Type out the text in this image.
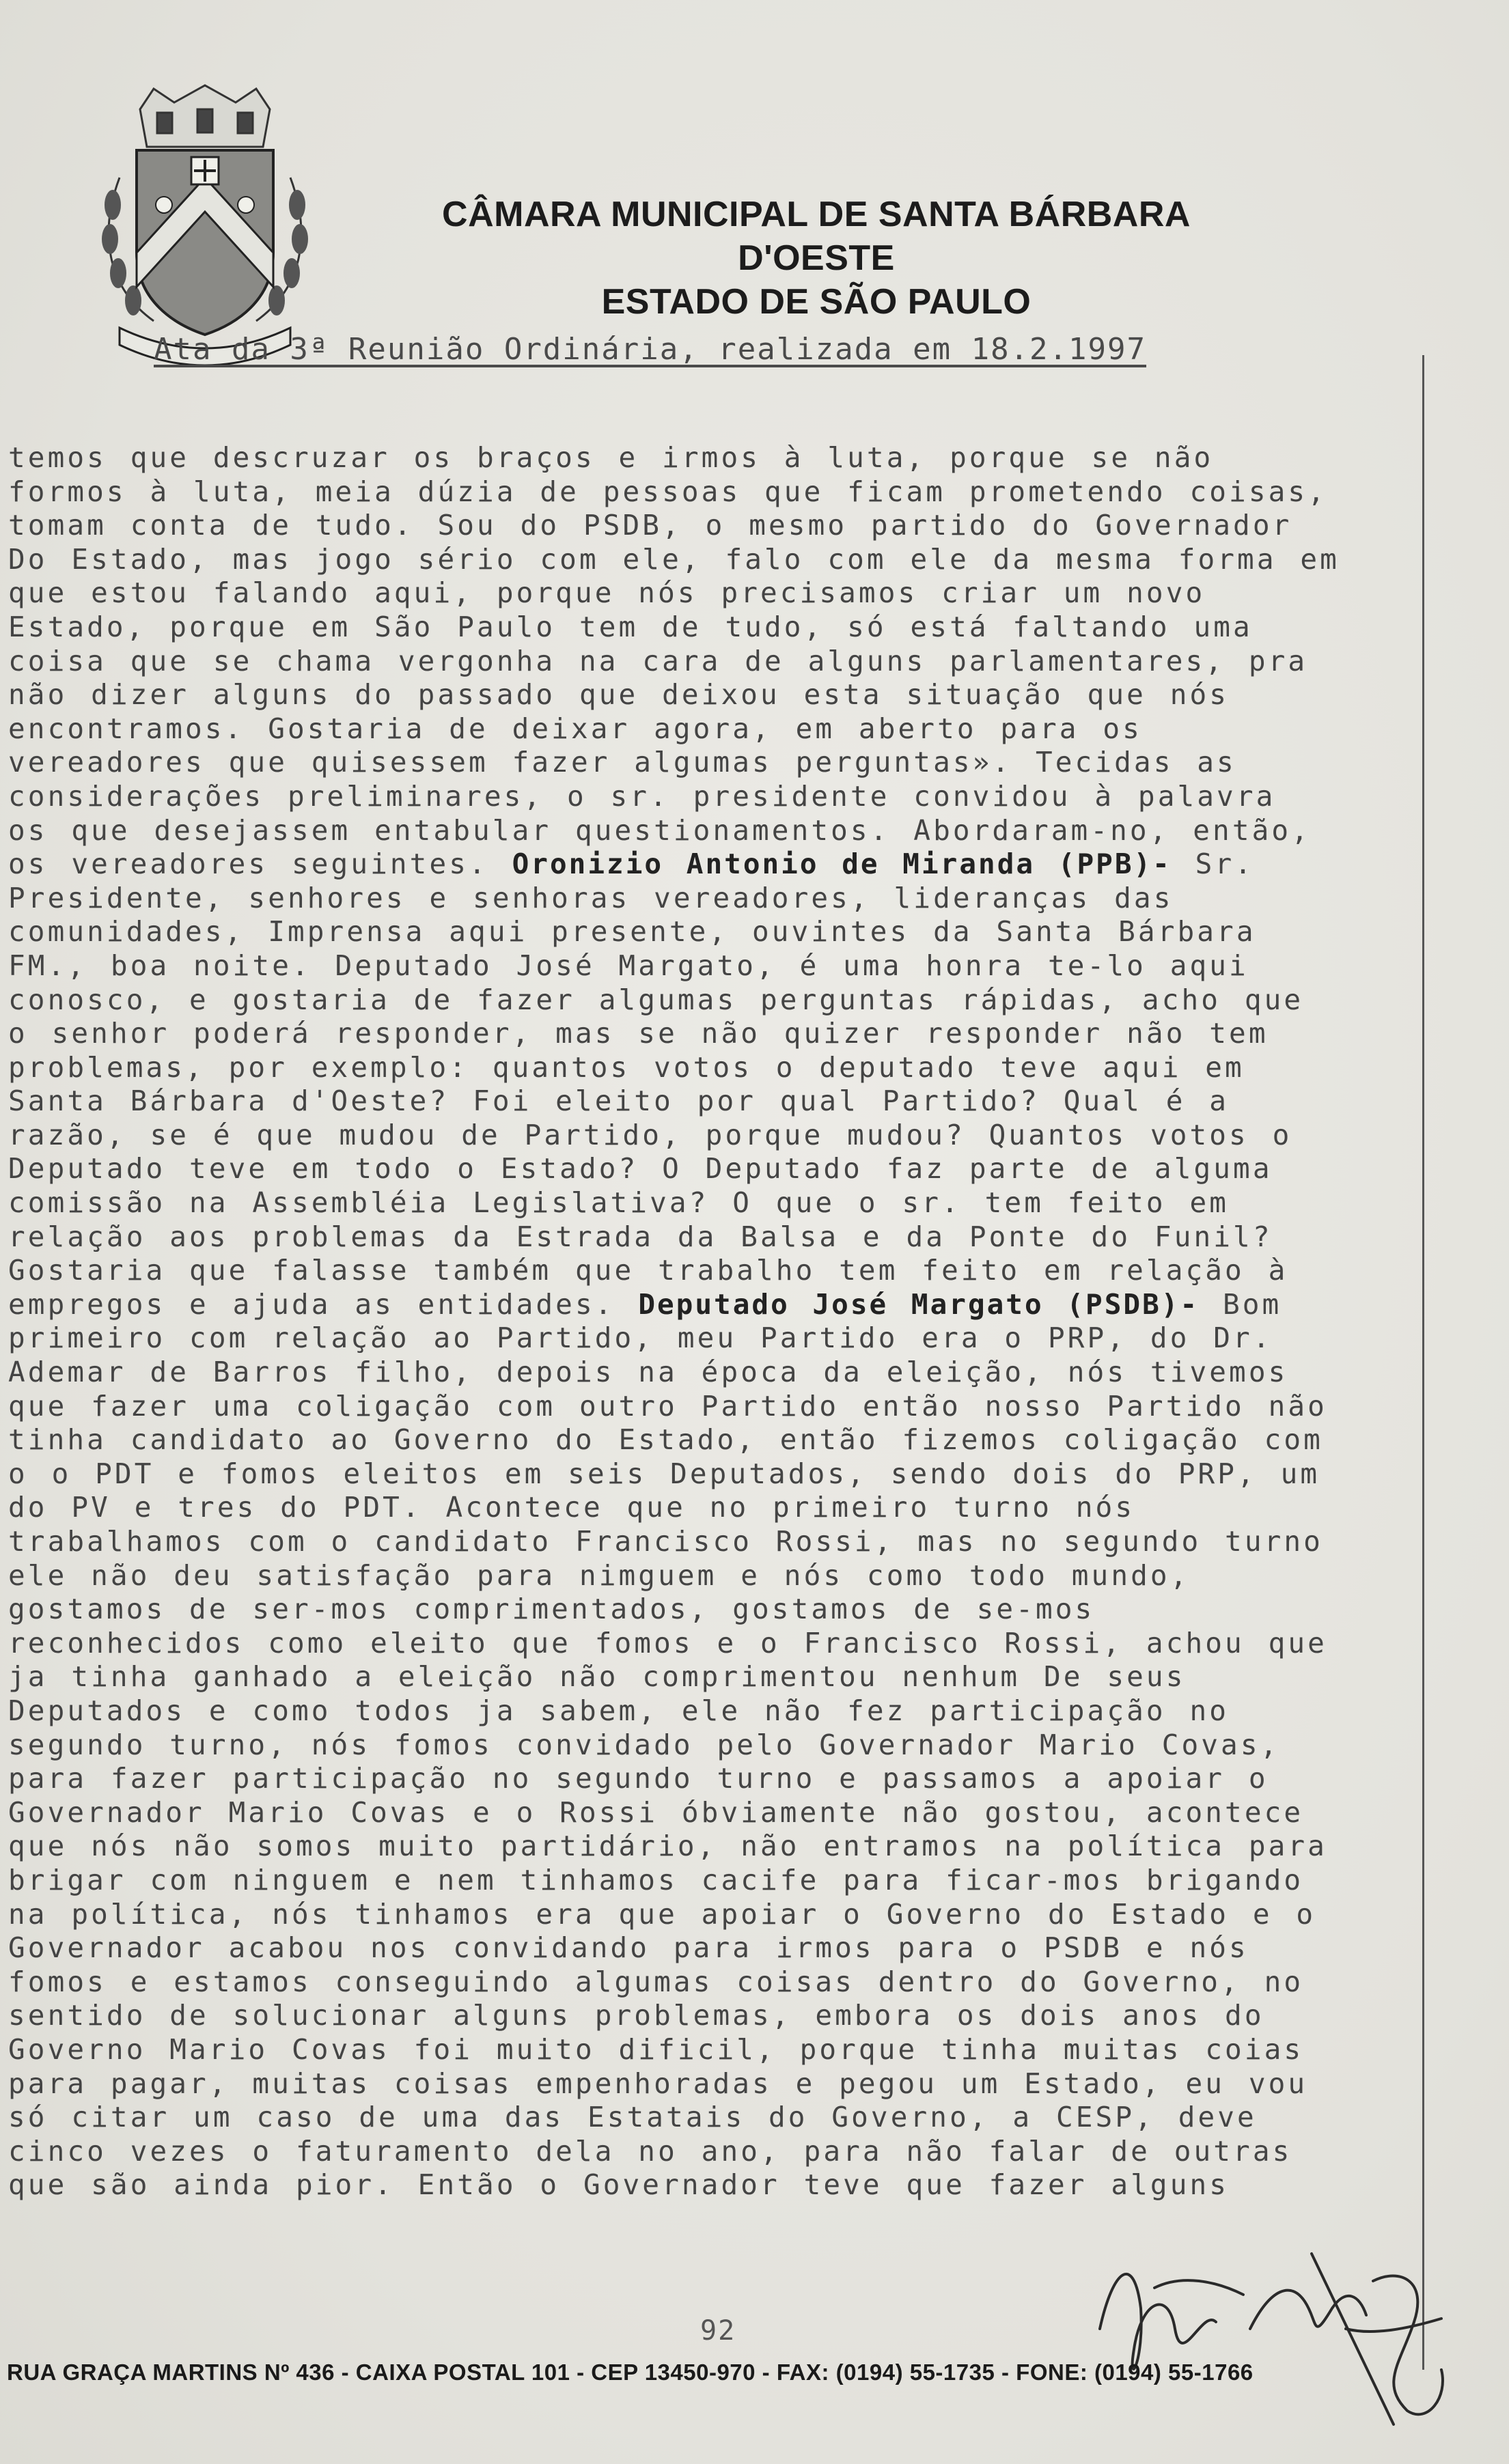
CÂMARA MUNICIPAL DE SANTA BÁRBARA D'OESTE
ESTADO DE SÃO PAULO
Ata da 3ª Reunião Ordinária, realizada em 18.2.1997
temos que descruzar os braços e irmos à luta, porque se não
formos à luta, meia dúzia de pessoas que ficam prometendo coisas,
tomam conta de tudo. Sou do PSDB, o mesmo partido do Governador
Do Estado, mas jogo sério com ele, falo com ele da mesma forma em
que estou falando aqui, porque nós precisamos criar um novo
Estado, porque em São Paulo tem de tudo, só está faltando uma
coisa que se chama vergonha na cara de alguns parlamentares, pra
não dizer alguns do passado que deixou esta situação que nós
encontramos. Gostaria de deixar agora, em aberto para os
vereadores que quisessem fazer algumas perguntas». Tecidas as
considerações preliminares, o sr. presidente convidou à palavra
os que desejassem entabular questionamentos. Abordaram-no, então,
os vereadores seguintes. Oronizio Antonio de Miranda (PPB)- Sr.
Presidente, senhores e senhoras vereadores, lideranças das
comunidades, Imprensa aqui presente, ouvintes da Santa Bárbara
FM., boa noite. Deputado José Margato, é uma honra te-lo aqui
conosco, e gostaria de fazer algumas perguntas rápidas, acho que
o senhor poderá responder, mas se não quizer responder não tem
problemas, por exemplo: quantos votos o deputado teve aqui em
Santa Bárbara d'Oeste? Foi eleito por qual Partido? Qual é a
razão, se é que mudou de Partido, porque mudou? Quantos votos o
Deputado teve em todo o Estado? O Deputado faz parte de alguma
comissão na Assembléia Legislativa? O que o sr. tem feito em
relação aos problemas da Estrada da Balsa e da Ponte do Funil?
Gostaria que falasse também que trabalho tem feito em relação à
empregos e ajuda as entidades. Deputado José Margato (PSDB)- Bom
primeiro com relação ao Partido, meu Partido era o PRP, do Dr.
Ademar de Barros filho, depois na época da eleição, nós tivemos
que fazer uma coligação com outro Partido então nosso Partido não
tinha candidato ao Governo do Estado, então fizemos coligação com
o o PDT e fomos eleitos em seis Deputados, sendo dois do PRP, um
do PV e tres do PDT. Acontece que no primeiro turno nós
trabalhamos com o candidato Francisco Rossi, mas no segundo turno
ele não deu satisfação para nimguem e nós como todo mundo,
gostamos de ser-mos comprimentados, gostamos de se-mos
reconhecidos como eleito que fomos e o Francisco Rossi, achou que
ja tinha ganhado a eleição não comprimentou nenhum De seus
Deputados e como todos ja sabem, ele não fez participação no
segundo turno, nós fomos convidado pelo Governador Mario Covas,
para fazer participação no segundo turno e passamos a apoiar o
Governador Mario Covas e o Rossi óbviamente não gostou, acontece
que nós não somos muito partidário, não entramos na política para
brigar com ninguem e nem tinhamos cacife para ficar-mos brigando
na política, nós tinhamos era que apoiar o Governo do Estado e o
Governador acabou nos convidando para irmos para o PSDB e nós
fomos e estamos conseguindo algumas coisas dentro do Governo, no
sentido de solucionar alguns problemas, embora os dois anos do
Governo Mario Covas foi muito dificil, porque tinha muitas coias
para pagar, muitas coisas empenhoradas e pegou um Estado, eu vou
só citar um caso de uma das Estatais do Governo, a CESP, deve
cinco vezes o faturamento dela no ano, para não falar de outras
que são ainda pior. Então o Governador teve que fazer alguns
92
RUA GRAÇA MARTINS Nº 436 - CAIXA POSTAL 101 - CEP 13450-970 - FAX: (0194) 55-1735 - FONE: (0194) 55-1766
